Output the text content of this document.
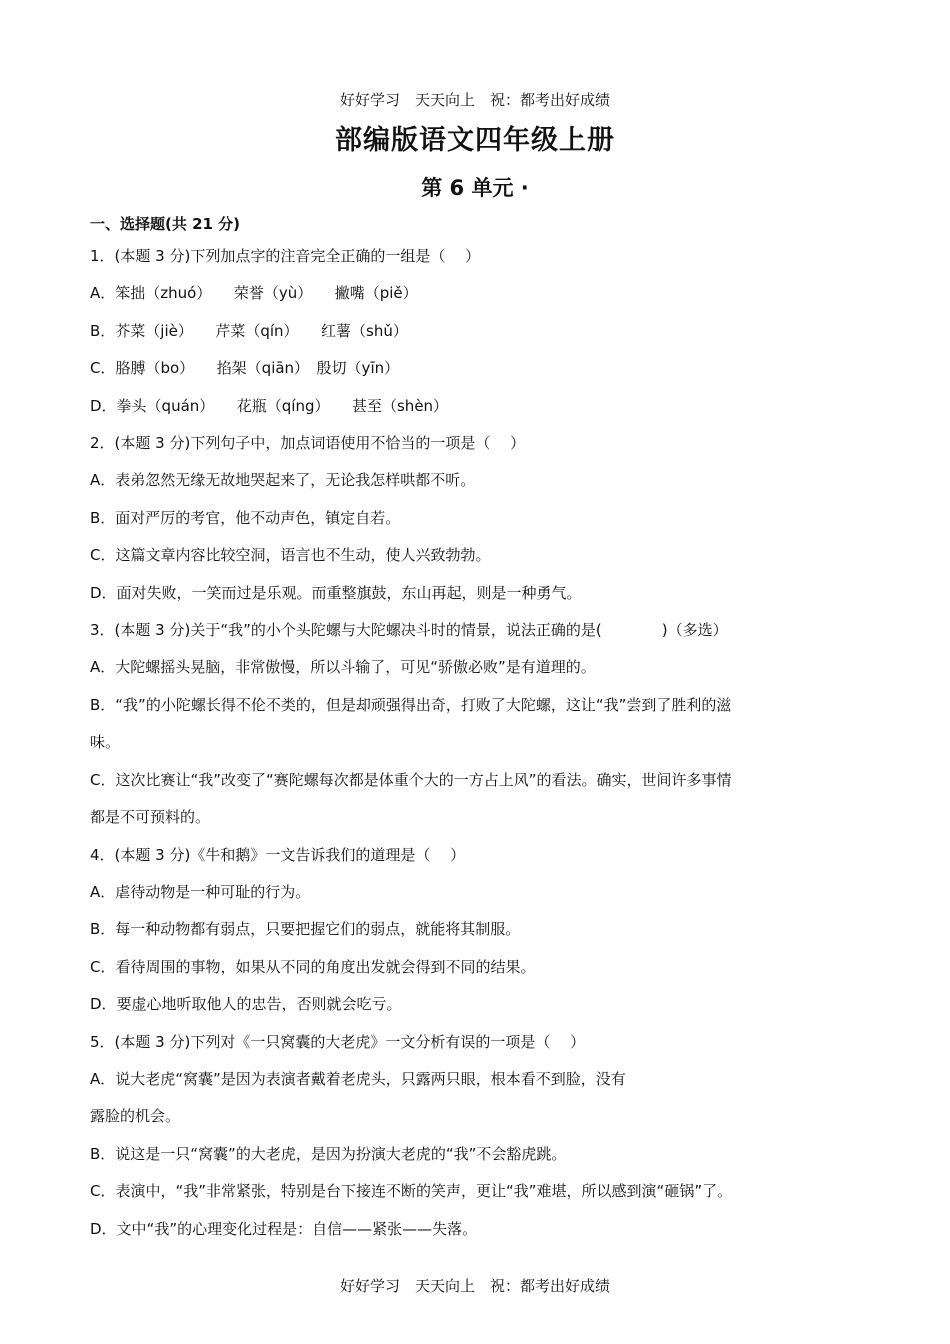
好好学习　天天向上　祝：都考出好成绩
部编版语文四年级上册
第 6 单元 ·

一、选择题(共 21 分)

1．(本题 3 分)下列加点字的注音完全正确的一组是（　 ）

A．笨拙（zhuó）　　荣誉（yù）　　撇嘴（piě）

B．芥菜（jiè）　　芹菜（qín）　　红薯（shǔ）

C．胳膊（bo）　　掐架（qiān）　殷切（yīn）

D．拳头（quán）　　花瓶（qíng）　　甚至（shèn）

2．(本题 3 分)下列句子中，加点词语使用不恰当的一项是（　 ）

A．表弟忽然无缘无故地哭起来了，无论我怎样哄都不听。

B．面对严厉的考官，他不动声色，镇定自若。

C．这篇文章内容比较空洞，语言也不生动，使人兴致勃勃。

D．面对失败，一笑而过是乐观。而重整旗鼓，东山再起，则是一种勇气。

3．(本题 3 分)关于“我”的小个头陀螺与大陀螺决斗时的情景，说法正确的是(　　　　)（多选）

A．大陀螺摇头晃脑，非常傲慢，所以斗输了，可见“骄傲必败”是有道理的。

B．“我”的小陀螺长得不伦不类的，但是却顽强得出奇，打败了大陀螺，这让“我”尝到了胜利的滋

味。

C．这次比赛让“我”改变了“赛陀螺每次都是体重个大的一方占上风”的看法。确实，世间许多事情

都是不可预料的。

4．(本题 3 分)《牛和鹅》一文告诉我们的道理是（　 ）

A．虐待动物是一种可耻的行为。

B．每一种动物都有弱点，只要把握它们的弱点，就能将其制服。

C．看待周围的事物，如果从不同的角度出发就会得到不同的结果。

D．要虚心地听取他人的忠告，否则就会吃亏。

5．(本题 3 分)下列对《一只窝囊的大老虎》一文分析有误的一项是（　 ）

A．说大老虎“窝囊”是因为表演者戴着老虎头，只露两只眼，根本看不到脸，没有

露脸的机会。

B．说这是一只“窝囊”的大老虎，是因为扮演大老虎的“我”不会豁虎跳。

C．表演中，“我”非常紧张，特别是台下接连不断的笑声，更让“我”难堪，所以感到演“砸锅”了。

D．文中“我”的心理变化过程是：自信——紧张——失落。

好好学习　天天向上　祝：都考出好成绩
